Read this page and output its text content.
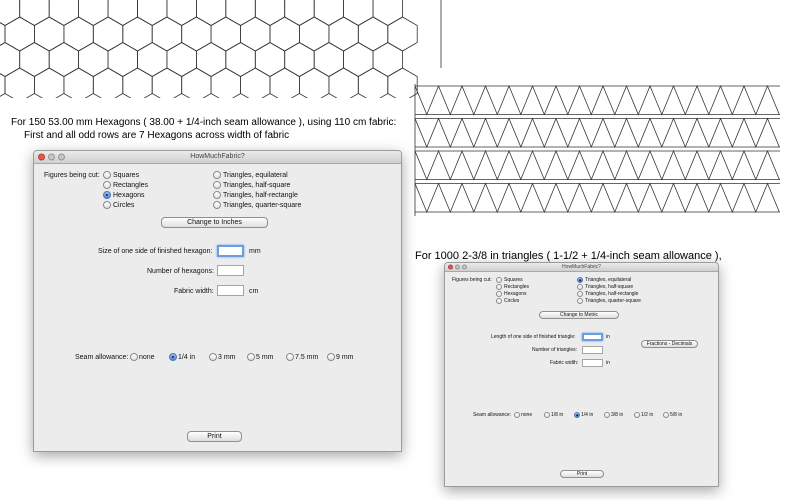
For 150 53.00 mm Hexagons ( 38.00 + 1/4-inch seam allowance ), using 110 cm fabric:
First and all odd rows are 7 Hexagons across width of fabric
For 1000 2-3/8 in triangles ( 1-1/2 + 1/4-inch seam allowance ),
HowMuchFabric?
Figures being cut: Squares
Rectangles
Hexagons
Circles
Triangles, equilateral
Triangles, half-square
Triangles, half-rectangle
Triangles, quarter-square
Change to Inches
Size of one side of finished hexagon:	mm
Number of hexagons:
Fabric width:	cm
Seam allowance: none	1/4 in	3 mm	5 mm	7.5 mm	9 mm
Print
HowMuchFabric?
Figures being cut: Squares
Rectangles
Hexagons
Circles
Triangles, equilateral
Triangles, half-square
Triangles, half-rectangle
Triangles, quarter-square
Change to Metric
Length of one side of finished triangle:	in
Fractions - Decimals
Number of triangles:
Fabric width:	in
Seam allowance: none	1/8 in	1/4 in	3/8 in	1/2 in	5/8 in
Print
